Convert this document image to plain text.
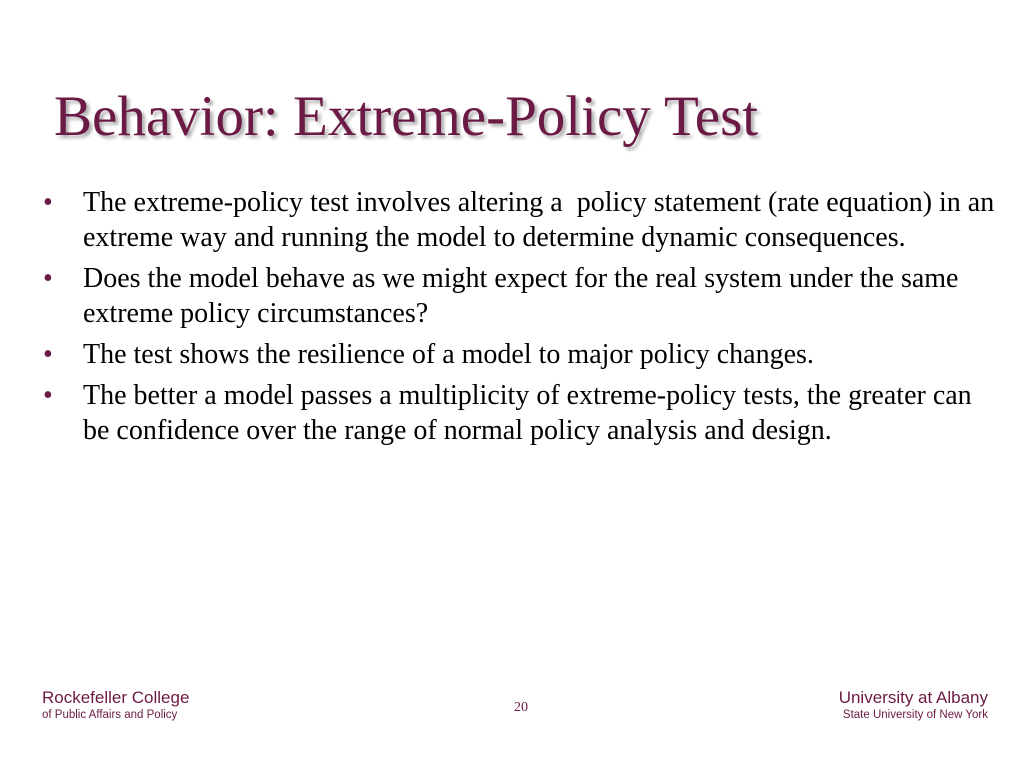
Behavior: Extreme-Policy Test
•
The extreme-policy test involves altering a  policy statement (rate equation) in an extreme way and running the model to determine dynamic consequences.
•
Does the model behave as we might expect for the real system under the same extreme policy circumstances?
•
The test shows the resilience of a model to major policy changes.
•
The better a model passes a multiplicity of extreme-policy tests, the greater can be confidence over the range of normal policy analysis and design.
Rockefeller College
of Public Affairs and Policy	20
University at Albany
State University of New York
